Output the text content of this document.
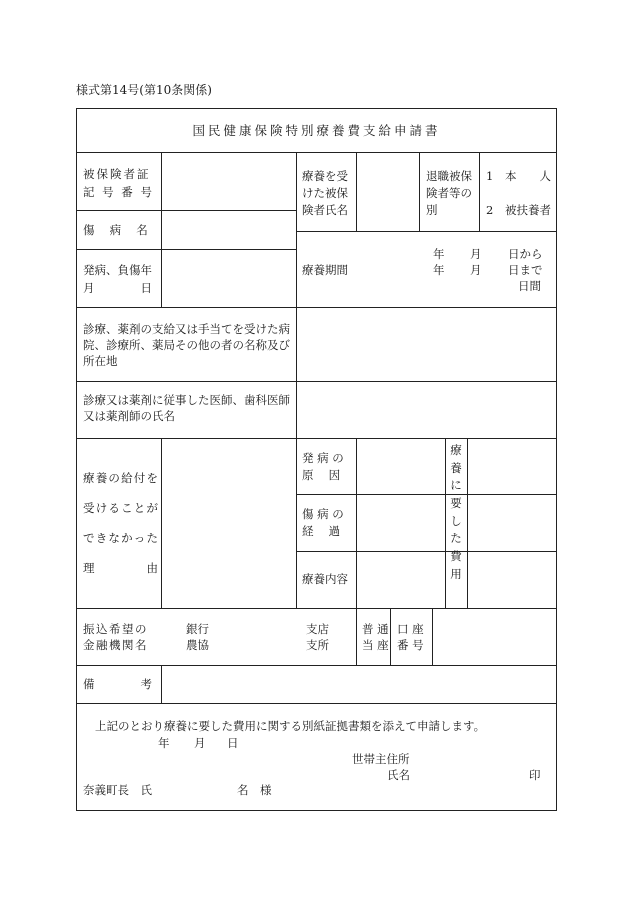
様式第14号(第10条関係)
国民健康保険特別療養費支給申請書
被保険者証
記 号 番 号
傷　 病　 名
発病、負傷年
月　　　　日
療養を受
けた被保
険者氏名
退職被保
険者等の
別
1 本　　人
2 被扶養者
療養期間
年 月 日から
年 月 日まで
日間
診療、薬剤の支給又は手当てを受けた病
院、診療所、薬局その他の者の名称及び
所在地
診療又は薬剤に従事した医師、歯科医師
又は薬剤師の氏名
療養の給付を
受けることが
できなかった
理　　　　由
発 病 の
原　 因
傷 病 の
経　 過
療養内容
療
養
に
要
し
た
費
用
振込希望の
金融機関名
銀行
農協
支店
支所
普 通
当 座
口 座
番 号
備　　　　考
上記のとおり療養に要した費用に関する別紙証拠書類を添えて申請します。
年 月 日
世帯主住所
氏名	印
奈義町長　氏	名　様
